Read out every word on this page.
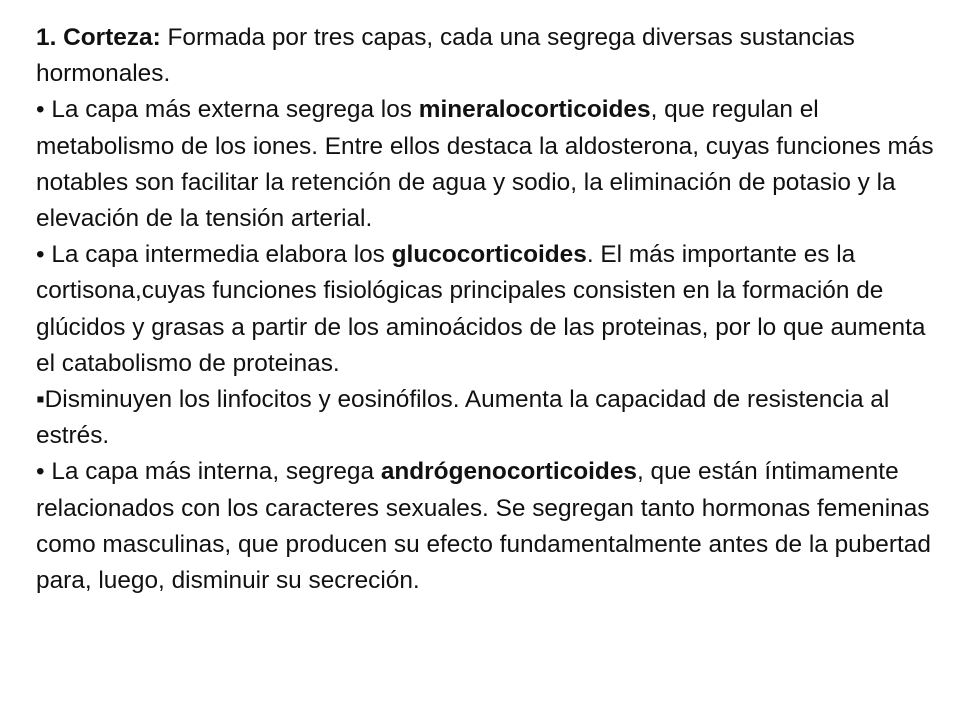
1. Corteza: Formada por tres capas, cada una segrega diversas sustancias hormonales.

• La capa más externa segrega los mineralocorticoides, que regulan el metabolismo de los iones. Entre ellos destaca la aldosterona, cuyas funciones más notables son facilitar la retención de agua y sodio, la eliminación de potasio y la elevación de la tensión arterial.

• La capa intermedia elabora los glucocorticoides. El más importante es la cortisona,cuyas funciones fisiológicas principales consisten en la formación de glúcidos y grasas a partir de los aminoácidos de las proteinas, por lo que aumenta el catabolismo de proteinas.

▪Disminuyen los linfocitos y eosinófilos. Aumenta la capacidad de resistencia al estrés.

• La capa más interna, segrega andrógenocorticoides, que están íntimamente relacionados con los caracteres sexuales. Se segregan tanto hormonas femeninas como masculinas, que producen su efecto fundamentalmente antes de la pubertad para, luego, disminuir su secreción.
